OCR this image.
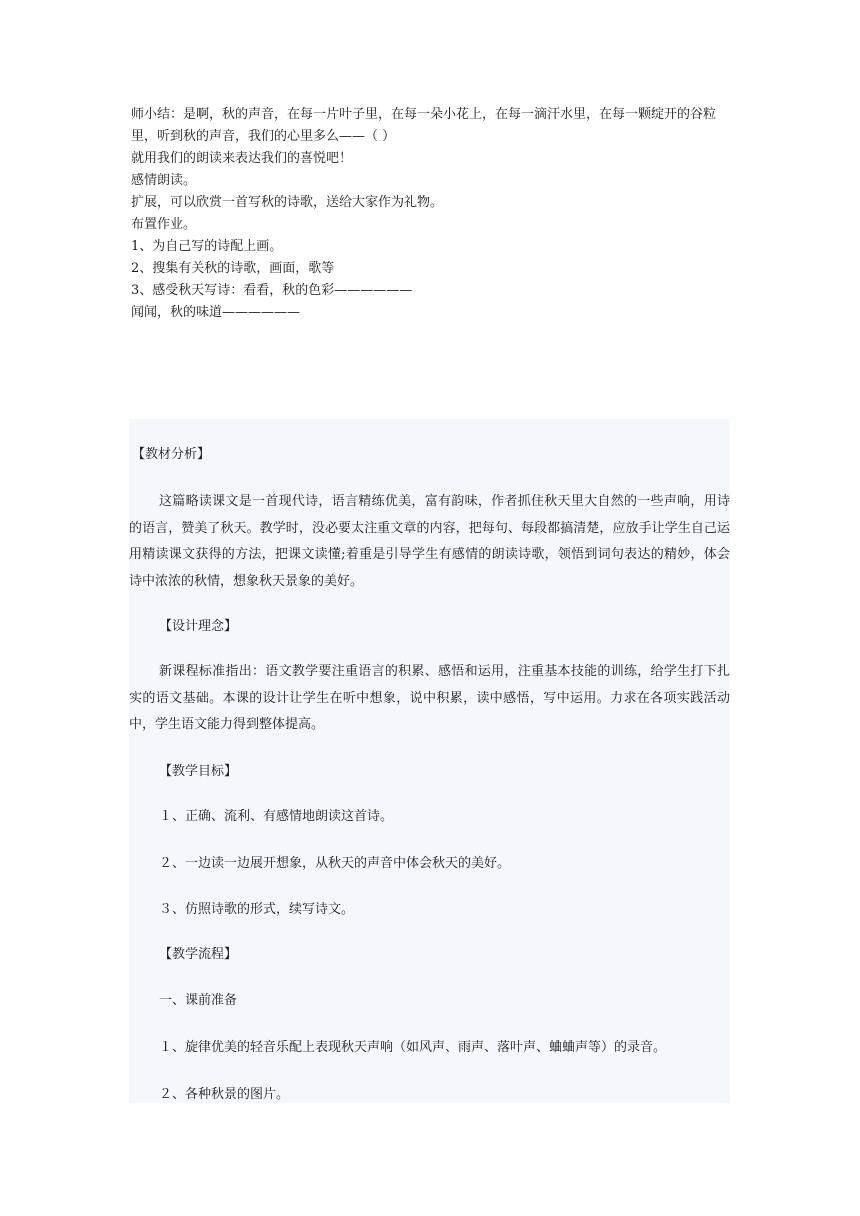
师小结：是啊，秋的声音，在每一片叶子里，在每一朵小花上，在每一滴汗水里，在每一颗绽开的谷粒里，听到秋的声音，我们的心里多么——（ ）

就用我们的朗读来表达我们的喜悦吧！

感情朗读。

扩展，可以欣赏一首写秋的诗歌，送给大家作为礼物。

布置作业。

1、为自己写的诗配上画。

2、搜集有关秋的诗歌，画面，歌等

3、感受秋天写诗：看看，秋的色彩——————

闻闻，秋的味道——————

【教材分析】

这篇略读课文是一首现代诗，语言精练优美，富有韵味，作者抓住秋天里大自然的一些声响，用诗的语言，赞美了秋天。教学时，没必要太注重文章的内容，把每句、每段都搞清楚，应放手让学生自己运用精读课文获得的方法，把课文读懂;着重是引导学生有感情的朗读诗歌，领悟到词句表达的精妙，体会诗中浓浓的秋情，想象秋天景象的美好。

【设计理念】

新课程标准指出：语文教学要注重语言的积累、感悟和运用，注重基本技能的训练，给学生打下扎实的语文基础。本课的设计让学生在听中想象，说中积累，读中感悟，写中运用。力求在各项实践活动中，学生语文能力得到整体提高。

【教学目标】

１、正确、流利、有感情地朗读这首诗。

２、一边读一边展开想象，从秋天的声音中体会秋天的美好。

３、仿照诗歌的形式，续写诗文。

【教学流程】

一、课前准备

１、旋律优美的轻音乐配上表现秋天声响（如风声、雨声、落叶声、蛐蛐声等）的录音。

２、各种秋景的图片。
